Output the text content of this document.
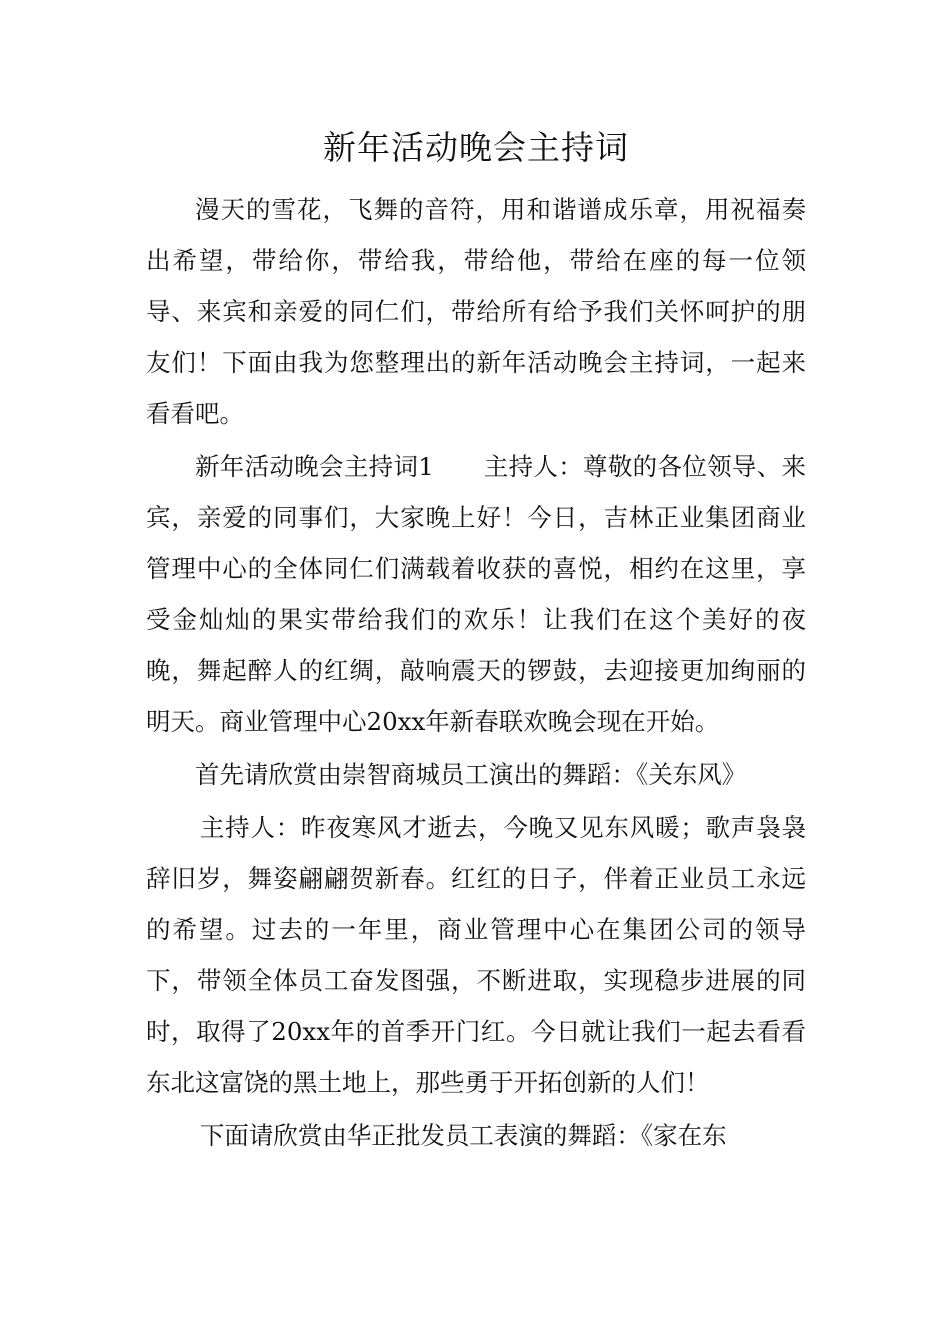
新年活动晚会主持词

漫天的雪花，飞舞的音符，用和谐谱成乐章，用祝福奏出希望，带给你，带给我，带给他，带给在座的每一位领导、来宾和亲爱的同仁们，带给所有给予我们关怀呵护的朋友们！下面由我为您整理出的新年活动晚会主持词，一起来看看吧。

新年活动晚会主持词1　　主持人：尊敬的各位领导、来宾，亲爱的同事们，大家晚上好！今日，吉林正业集团商业管理中心的全体同仁们满载着收获的喜悦，相约在这里，享受金灿灿的果实带给我们的欢乐！让我们在这个美好的夜晚，舞起醉人的红绸，敲响震天的锣鼓，去迎接更加绚丽的明天。商业管理中心20xx年新春联欢晚会现在开始。

首先请欣赏由崇智商城员工演出的舞蹈：《关东风》

主持人：昨夜寒风才逝去，今晚又见东风暖；歌声袅袅辞旧岁，舞姿翩翩贺新春。红红的日子，伴着正业员工永远的希望。过去的一年里，商业管理中心在集团公司的领导下，带领全体员工奋发图强，不断进取，实现稳步进展的同时，取得了20xx年的首季开门红。今日就让我们一起去看看东北这富饶的黑土地上，那些勇于开拓创新的人们！

下面请欣赏由华正批发员工表演的舞蹈：《家在东
